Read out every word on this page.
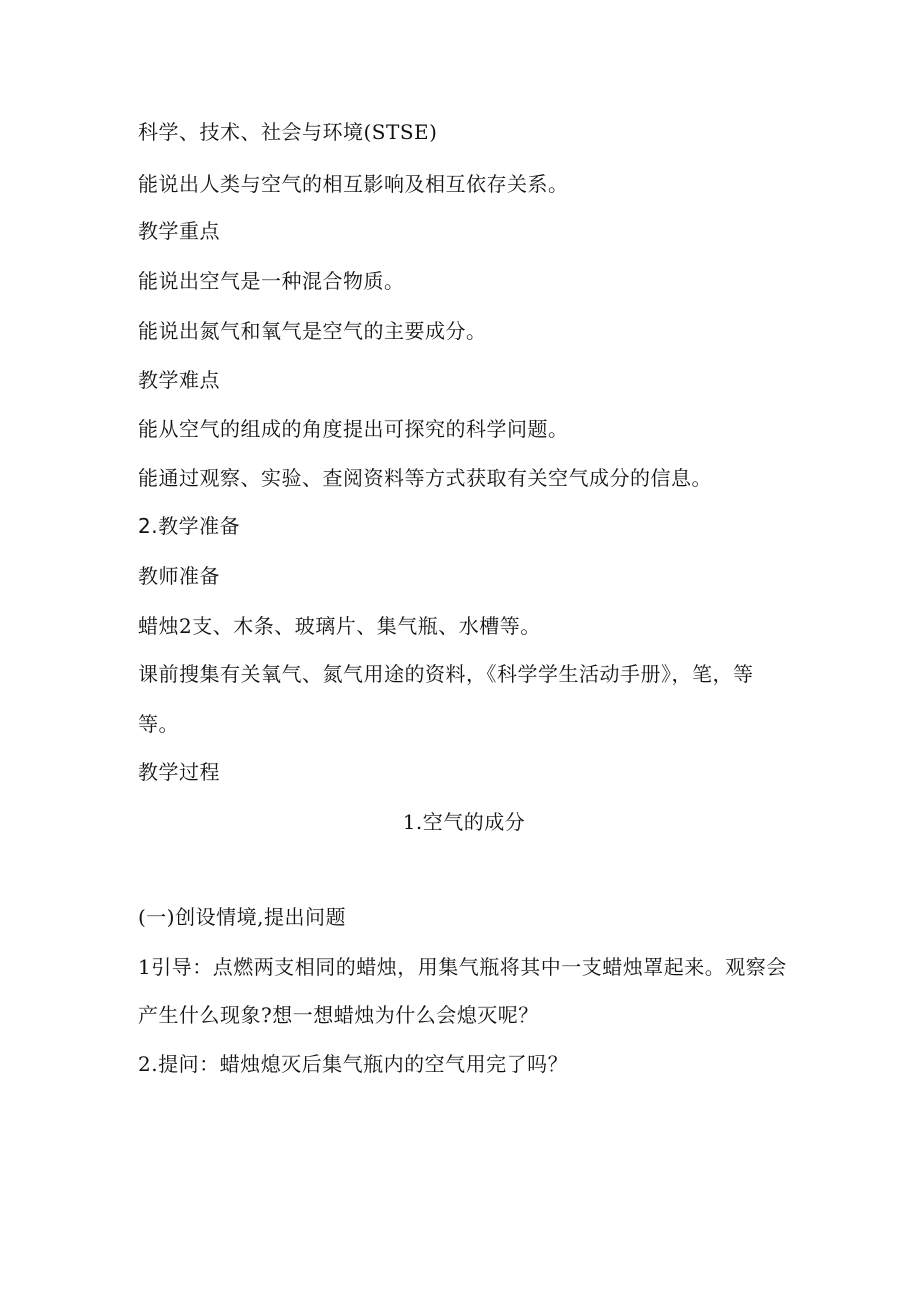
科学、技术、社会与环境(STSE)
能说出人类与空气的相互影响及相互依存关系。
教学重点
能说出空气是一种混合物质。
能说出氮气和氧气是空气的主要成分。
教学难点
能从空气的组成的角度提出可探究的科学问题。
能通过观察、实验、查阅资料等方式获取有关空气成分的信息。
2.教学准备
教师准备
蜡烛2支、木条、玻璃片、集气瓶、水槽等。
课前搜集有关氧气、氮气用途的资料，《科学学生活动手册》，笔，等
等。
教学过程
1.空气的成分
(一)创设情境,提出问题
1引导：点燃两支相同的蜡烛，用集气瓶将其中一支蜡烛罩起来。观察会
产生什么现象?想一想蜡烛为什么会熄灭呢？
2.提问：蜡烛熄灭后集气瓶内的空气用完了吗？
